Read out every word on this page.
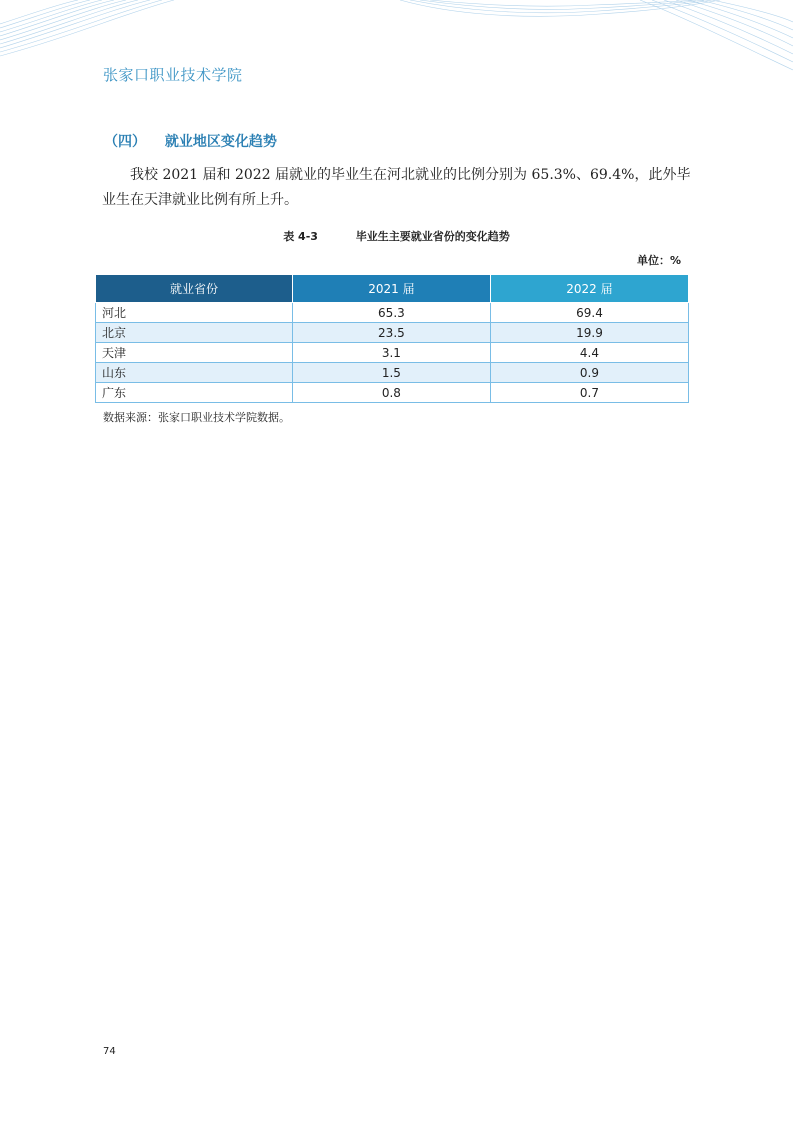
张家口职业技术学院
（四） 就业地区变化趋势
我校 2021 届和 2022 届就业的毕业生在河北就业的比例分别为 65.3%、69.4%，此外毕业生在天津就业比例有所上升。
表 4-3	毕业生主要就业省份的变化趋势
单位：%
就业省份	2021 届	2022 届
河北	65.3	69.4
北京	23.5	19.9
天津	3.1	4.4
山东	1.5	0.9
广东	0.8	0.7
数据来源：张家口职业技术学院数据。
74
